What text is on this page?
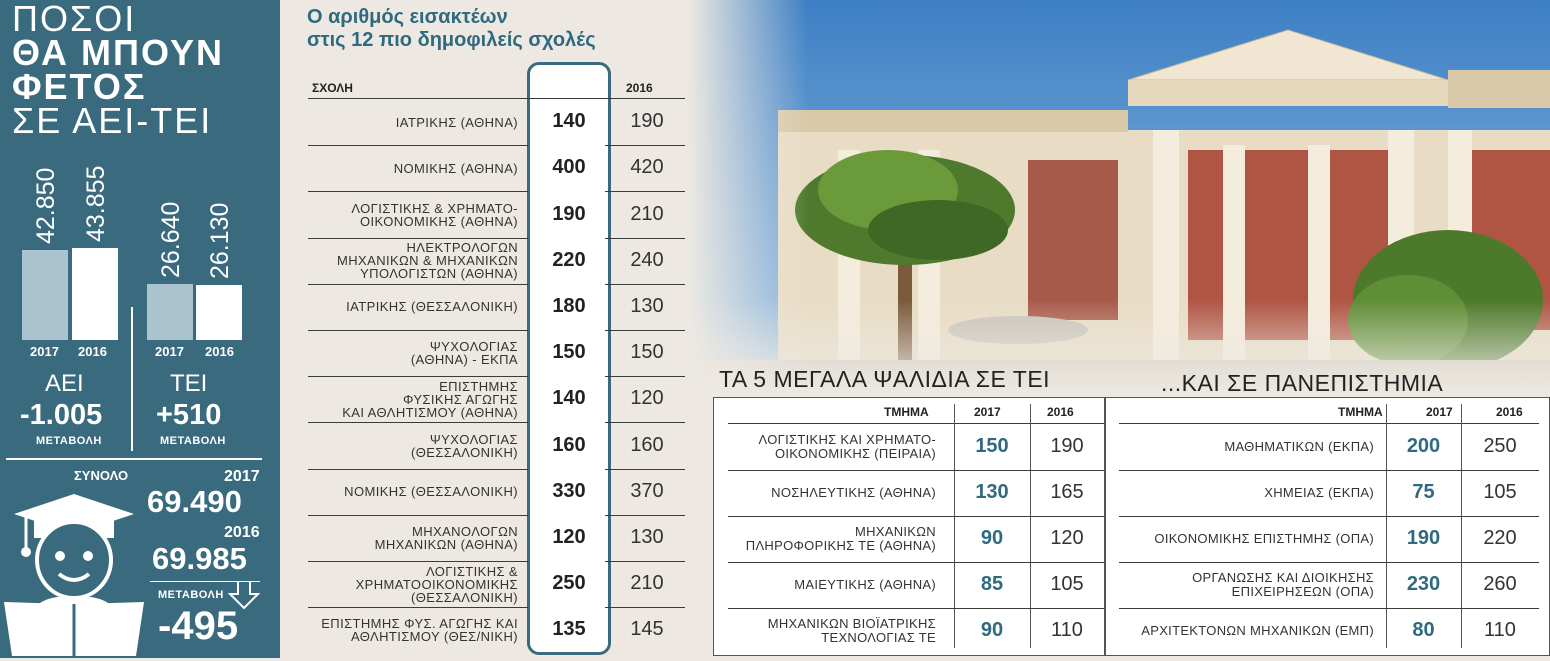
ΠΟΣΟΙ
ΘΑ ΜΠΟΥΝ
ΦΕΤΟΣ
ΣΕ ΑΕΙ-ΤΕΙ
42.850 43.855
2017 2016
26.640 26.130
2017 2016
ΑΕΙ	ΤΕΙ
-1.005 +510
ΜΕΤΑΒΟΛΗ	ΜΕΤΑΒΟΛΗ
ΣΥΝΟΛΟ	2017
69.490
2016
69.985
ΜΕΤΑΒΟΛΗ
-495
Ο αριθμός εισακτέων
στις 12 πιο δημοφιλείς σχολές
ΣΧΟΛΗ	2016
ΙΑΤΡΙΚΗΣ (ΑΘΗΝΑ)	140	190
ΝΟΜΙΚΗΣ (ΑΘΗΝΑ)	400	420
ΛΟΓΙΣΤΙΚΗΣ & ΧΡΗΜΑΤΟ-
ΟΙΚΟΝΟΜΙΚΗΣ (ΑΘΗΝΑ)	190	210
ΗΛΕΚΤΡΟΛΟΓΩΝ
ΜΗΧΑΝΙΚΩΝ & ΜΗΧΑΝΙΚΩΝ
ΥΠΟΛΟΓΙΣΤΩΝ (ΑΘΗΝΑ)
220	240
ΙΑΤΡΙΚΗΣ (ΘΕΣΣΑΛΟΝΙΚΗ)	180	130
ΨΥΧΟΛΟΓΙΑΣ
(ΑΘΗΝΑ) - ΕΚΠΑ	150	150
ΕΠΙΣΤΗΜΗΣ
ΦΥΣΙΚΗΣ ΑΓΩΓΗΣ
ΚΑΙ ΑΘΛΗΤΙΣΜΟΥ (ΑΘΗΝΑ)
140	120
ΨΥΧΟΛΟΓΙΑΣ
(ΘΕΣΣΑΛΟΝΙΚΗ)	160	160
ΝΟΜΙΚΗΣ (ΘΕΣΣΑΛΟΝΙΚΗ)	330	370
ΜΗΧΑΝΟΛΟΓΩΝ
ΜΗΧΑΝΙΚΩΝ (ΑΘΗΝΑ)	120	130
ΛΟΓΙΣΤΙΚΗΣ &
ΧΡΗΜΑΤΟΟΙΚΟΝΟΜΙΚΗΣ
(ΘΕΣΣΑΛΟΝΙΚΗ)
250	210
ΕΠΙΣΤΗΜΗΣ ΦΥΣ. ΑΓΩΓΗΣ ΚΑΙ
ΑΘΛΗΤΙΣΜΟΥ (ΘΕΣ/ΝΙΚΗ)	135	145
ΤΑ 5 ΜΕΓΑΛΑ ΨΑΛΙΔΙΑ ΣΕ ΤΕΙ	...ΚΑΙ ΣΕ ΠΑΝΕΠΙΣΤΗΜΙΑ
ΤΜΗΜΑ	2017	2016
ΛΟΓΙΣΤΙΚΗΣ ΚΑΙ ΧΡΗΜΑΤΟ-
ΟΙΚΟΝΟΜΙΚΗΣ (ΠΕΙΡΑΙΑ)	150	190
ΝΟΣΗΛΕΥΤΙΚΗΣ (ΑΘΗΝΑ)	130	165
ΜΗΧΑΝΙΚΩΝ
ΠΛΗΡΟΦΟΡΙΚΗΣ ΤΕ (ΑΘΗΝΑ)	90	120
ΜΑΙΕΥΤΙΚΗΣ (ΑΘΗΝΑ)	85	105
ΜΗΧΑΝΙΚΩΝ ΒΙΟΪΑΤΡΙΚΗΣ
ΤΕΧΝΟΛΟΓΙΑΣ ΤΕ	90	110
ΤΜΗΜΑ	2017	2016
ΜΑΘΗΜΑΤΙΚΩΝ (ΕΚΠΑ)	200	250
ΧΗΜΕΙΑΣ (ΕΚΠΑ)	75	105
ΟΙΚΟΝΟΜΙΚΗΣ ΕΠΙΣΤΗΜΗΣ (ΟΠΑ)	190	220
ΟΡΓΑΝΩΣΗΣ ΚΑΙ ΔΙΟΙΚΗΣΗΣ
ΕΠΙΧΕΙΡΗΣΕΩΝ (ΟΠΑ)	230	260
ΑΡΧΙΤΕΚΤΟΝΩΝ ΜΗΧΑΝΙΚΩΝ (ΕΜΠ)	80	110
